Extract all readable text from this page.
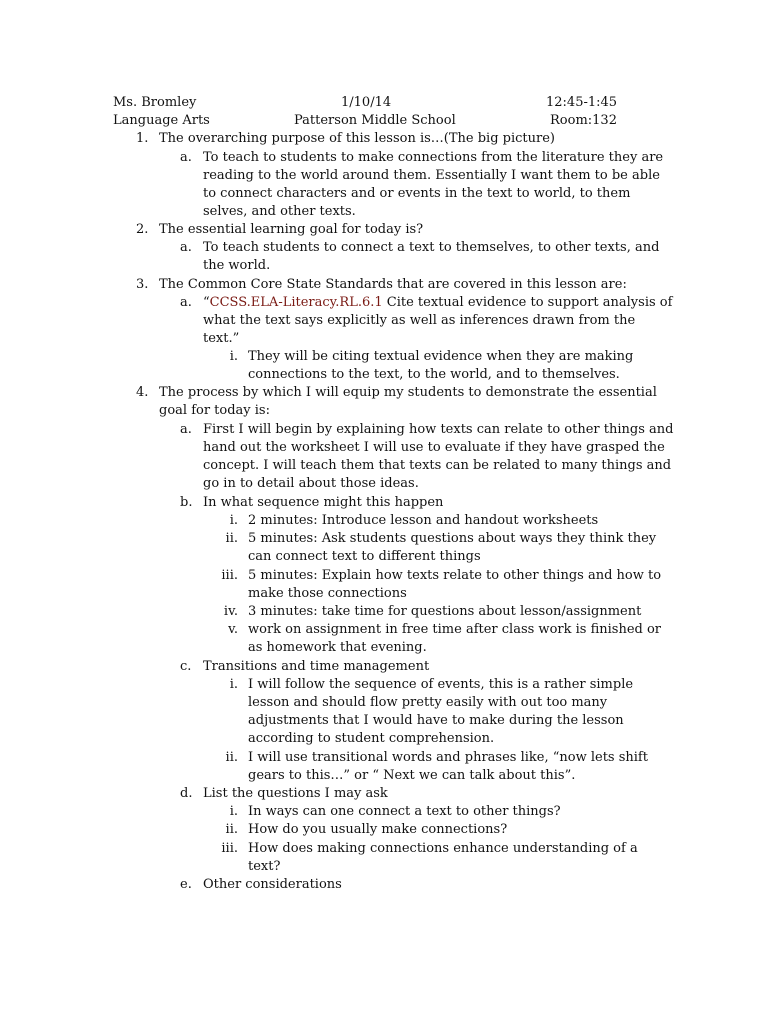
Ms. Bromley	1/10/14	12:45-1:45
Language Arts	Patterson Middle School	Room:132
1. The overarching purpose of this lesson is…(The big picture)
a. To teach to students to make connections from the literature they are
reading to the world around them. Essentially I want them to be able
to connect characters and or events in the text to world, to them
selves, and other texts.
2. The essential learning goal for today is?
a. To teach students to connect a text to themselves, to other texts, and
the world.
3. The Common Core State Standards that are covered in this lesson are:
a. “CCSS.ELA-Literacy.RL.6.1 Cite textual evidence to support analysis of
what the text says explicitly as well as inferences drawn from the
text.”
i. They will be citing textual evidence when they are making
connections to the text, to the world, and to themselves.
4. The process by which I will equip my students to demonstrate the essential
goal for today is:
a. First I will begin by explaining how texts can relate to other things and
hand out the worksheet I will use to evaluate if they have grasped the
concept. I will teach them that texts can be related to many things and
go in to detail about those ideas.
b. In what sequence might this happen
i. 2 minutes: Introduce lesson and handout worksheets
ii. 5 minutes: Ask students questions about ways they think they
can connect text to different things
iii. 5 minutes: Explain how texts relate to other things and how to
make those connections
iv. 3 minutes: take time for questions about lesson/assignment
v. work on assignment in free time after class work is finished or
as homework that evening.
c. Transitions and time management
i. I will follow the sequence of events, this is a rather simple
lesson and should flow pretty easily with out too many
adjustments that I would have to make during the lesson
according to student comprehension.
ii. I will use transitional words and phrases like, “now lets shift
gears to this…” or “ Next we can talk about this”.
d. List the questions I may ask
i. In ways can one connect a text to other things?
ii. How do you usually make connections?
iii. How does making connections enhance understanding of a
text?
e. Other considerations
